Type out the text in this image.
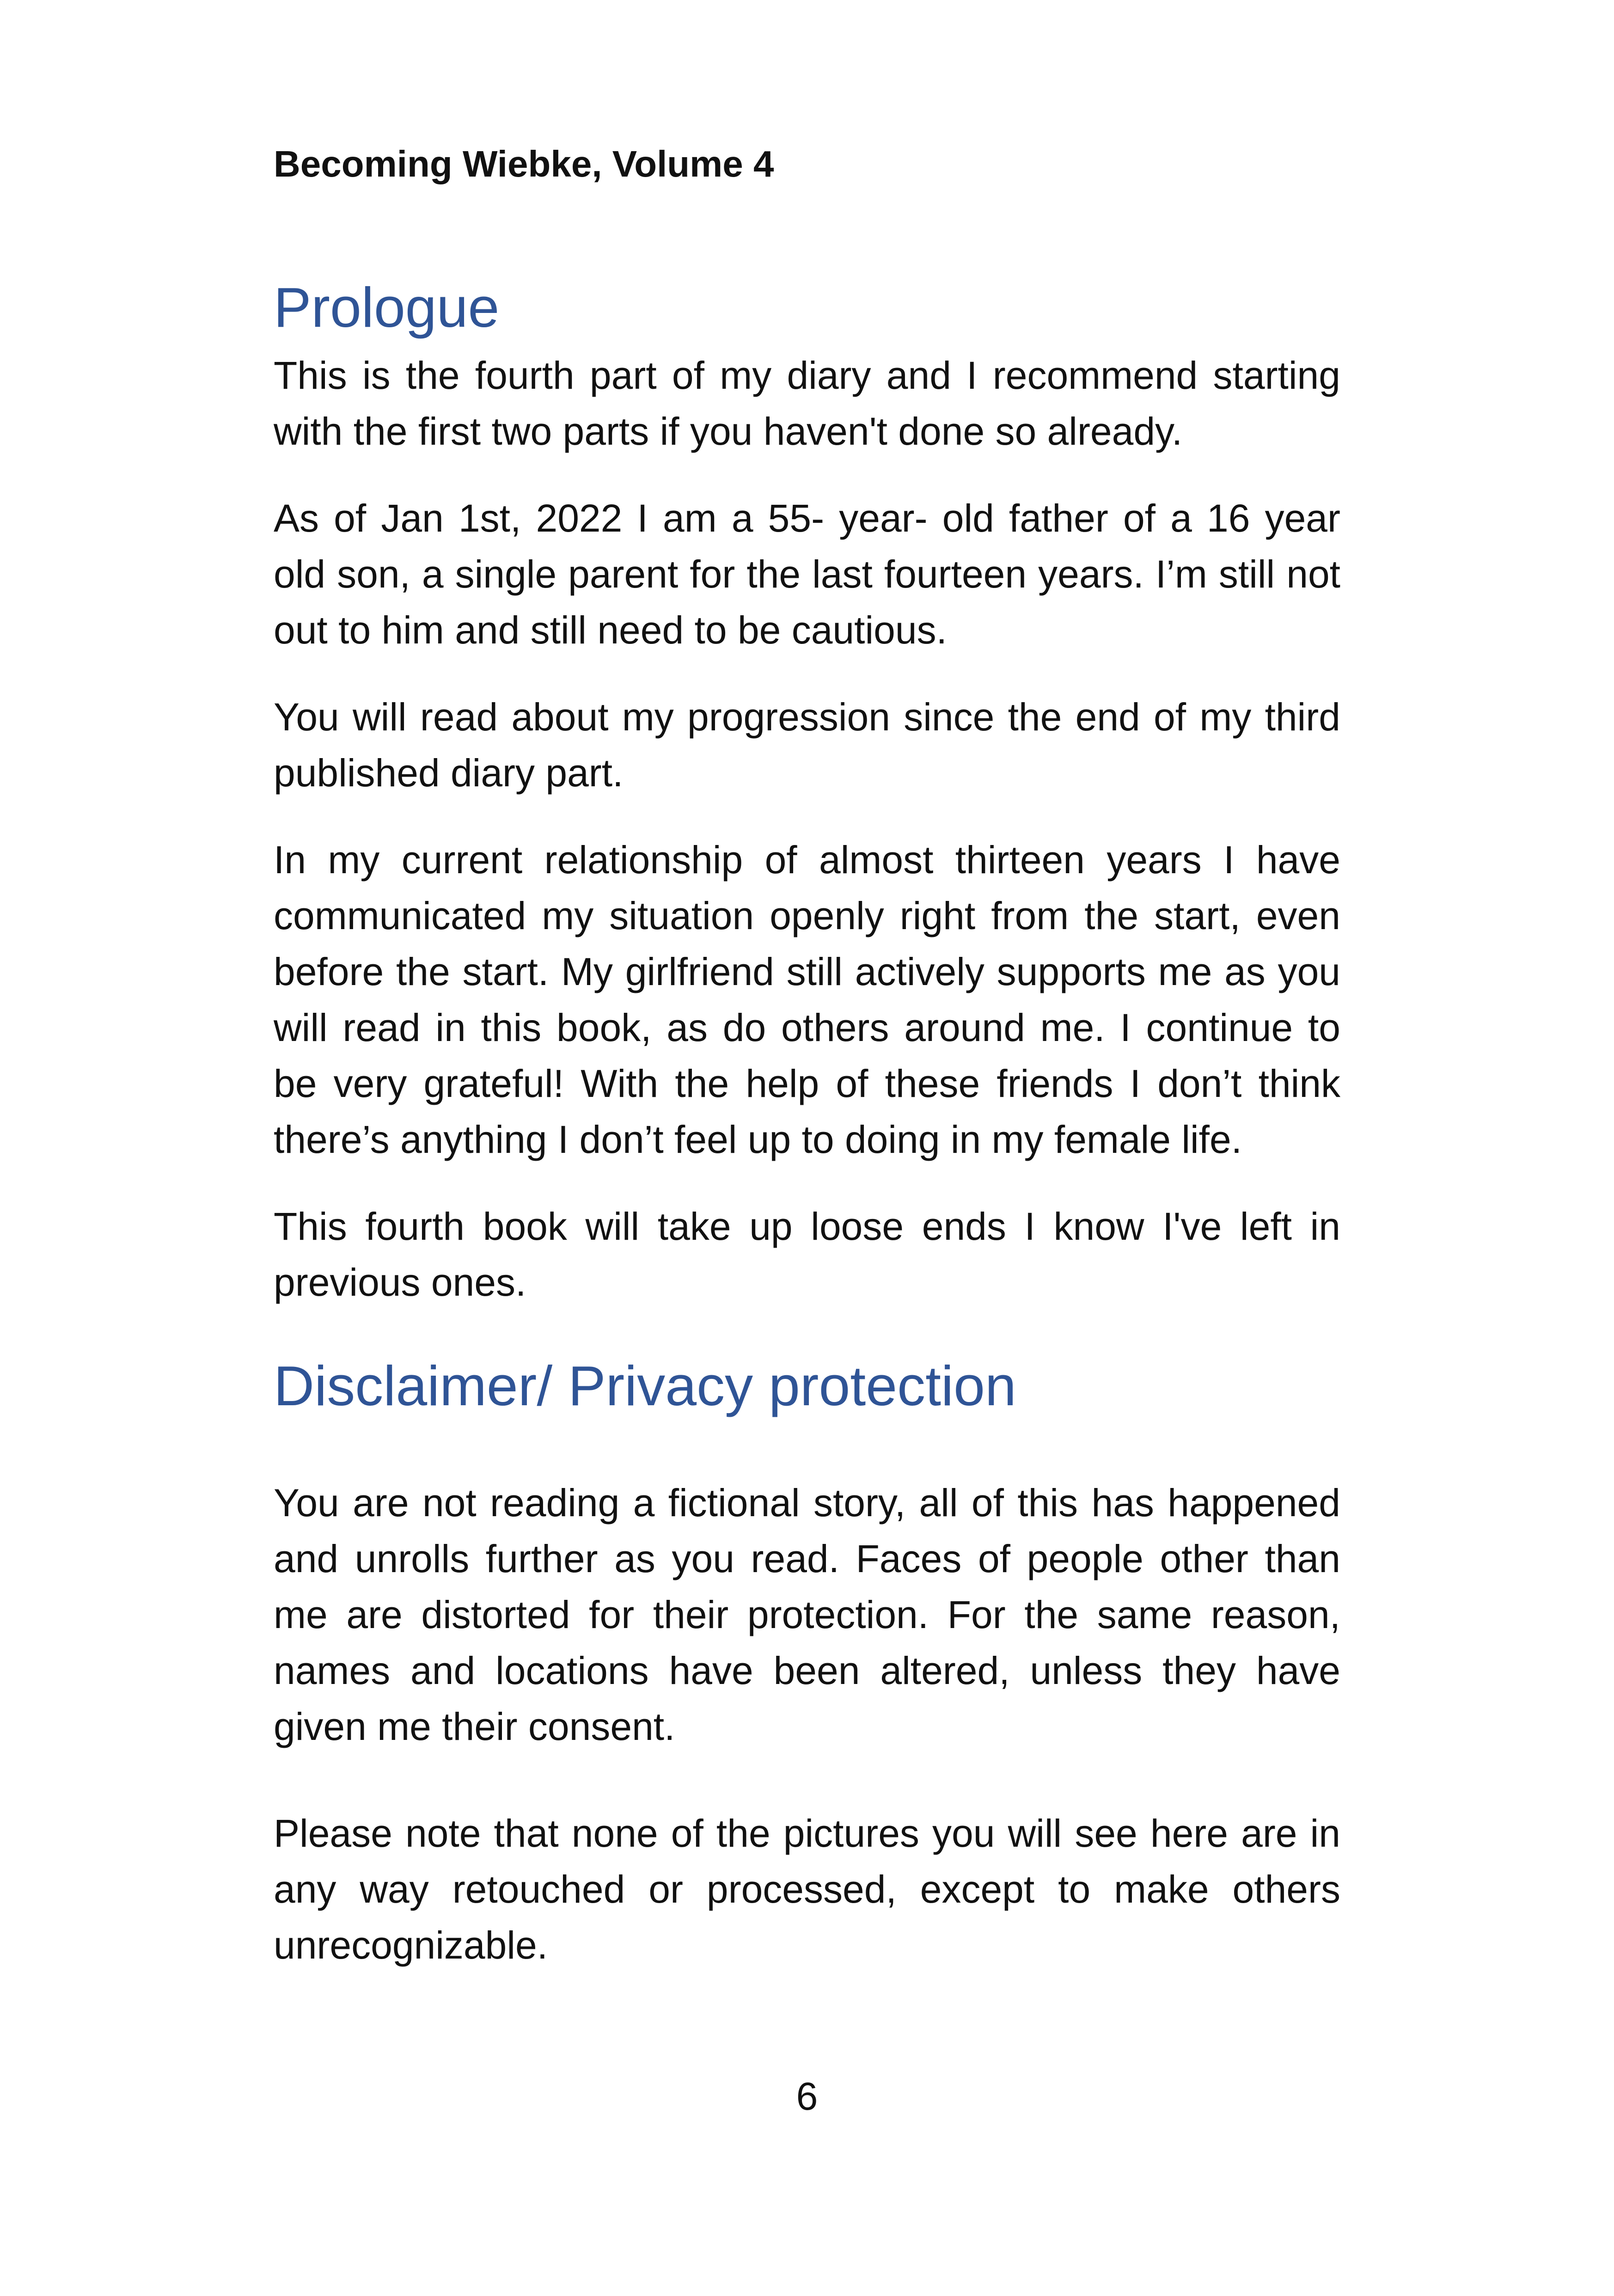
Becoming Wiebke, Volume 4

Prologue

This is the fourth part of my diary and I recommend starting with the first two parts if you haven't done so already.

As of Jan 1st, 2022 I am a 55- year- old father of a 16 year old son, a single parent for the last fourteen years. I’m still not out to him and still need to be cautious.

You will read about my progression since the end of my third published diary part.

In my current relationship of almost thirteen years I have communicated my situation openly right from the start, even before the start. My girlfriend still actively supports me as you will read in this book, as do others around me. I continue to be very grateful! With the help of these friends I don’t think there’s anything I don’t feel up to doing in my female life.

This fourth book will take up loose ends I know I've left in previous ones.

Disclaimer/ Privacy protection

You are not reading a fictional story, all of this has happened and unrolls further as you read. Faces of people other than me are distorted for their protection. For the same reason, names and locations have been altered, unless they have given me their consent.

Please note that none of the pictures you will see here are in any way retouched or processed, except to make others unrecognizable.

6
